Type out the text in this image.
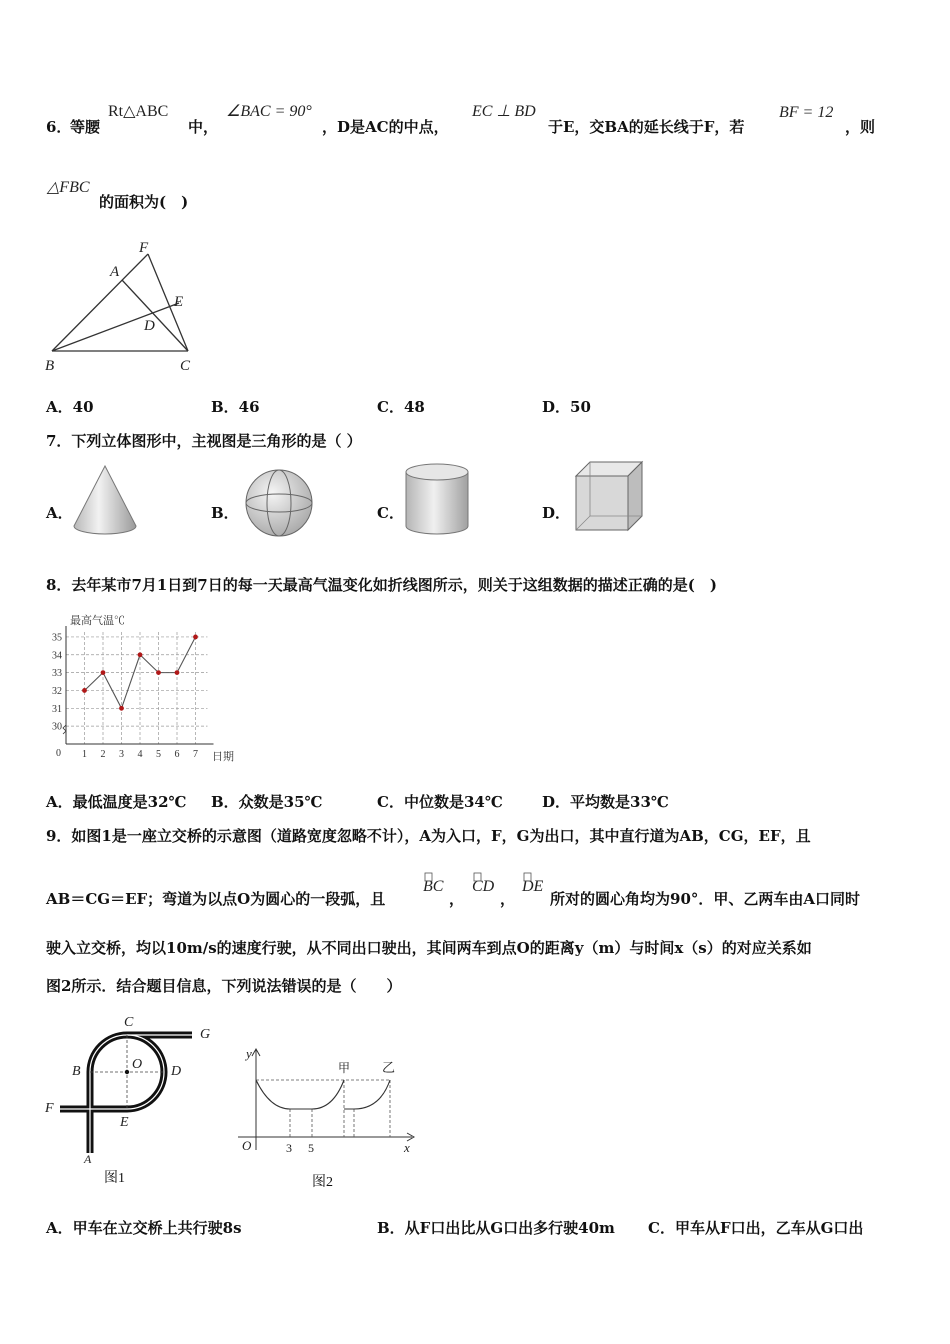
6．
等腰
Rt△ABC
中，
∠BAC = 90°
，D是AC的中点，
EC ⊥ BD
于E，交BA的延长线于F，若
BF = 12
，则
△FBC
的面积为(　)
F
A
E
D
B	C
A．40	B．46	C．48	D．50
7．下列立体图形中，主视图是三角形的是（ ）
A．	B．	C．	D．
8．去年某市7月1日到7日的每一天最高气温变化如折线图所示，则关于这组数据的描述正确的是(　)
最高气温℃
日期
0
30
31
32
33
34
35
1 2 3 4 5 6 7
A．最低温度是32℃ B．众数是35℃	C．中位数是34℃	D．平均数是33℃
9．如图1是一座立交桥的示意图（道路宽度忽略不计），A为入口，F，G为出口，其中直行道为AB，CG，EF，且
AB＝CG＝EF；弯道为以点O为圆心的一段弧，且
BC
，
CD
，
DE
所对的圆心角均为90°．甲、乙两车由A口同时
驶入立交桥，均以10m/s的速度行驶，从不同出口驶出，其间两车到点O的距离y（m）与时间x（s）的对应关系如
图2所示．结合题目信息，下列说法错误的是（　　）
C
G
B	O D
F
E
A
图1
y
甲 乙
O	3 5	x
图2
A．甲车在立交桥上共行驶8s	B．从F口出比从G口出多行驶40m C．甲车从F口出，乙车从G口出
